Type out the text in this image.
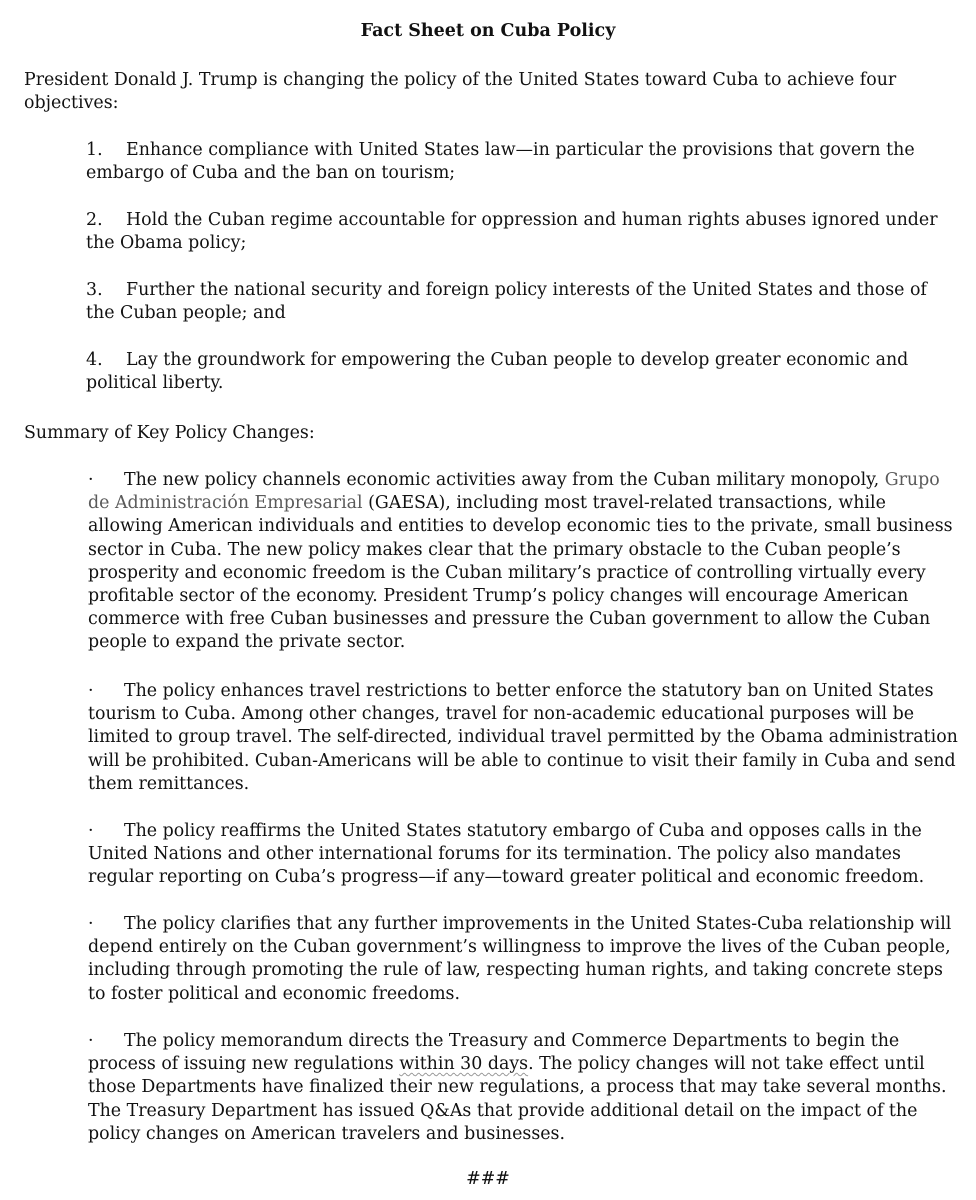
Fact Sheet on Cuba Policy

President Donald J. Trump is changing the policy of the United States toward Cuba to achieve four objectives:

1. Enhance compliance with United States law—in particular the provisions that govern the embargo of Cuba and the ban on tourism;

2. Hold the Cuban regime accountable for oppression and human rights abuses ignored under the Obama policy;

3. Further the national security and foreign policy interests of the United States and those of the Cuban people; and

4. Lay the groundwork for empowering the Cuban people to develop greater economic and political liberty.

Summary of Key Policy Changes:

· The new policy channels economic activities away from the Cuban military monopoly, Grupo de Administración Empresarial (GAESA), including most travel-related transactions, while allowing American individuals and entities to develop economic ties to the private, small business sector in Cuba. The new policy makes clear that the primary obstacle to the Cuban people’s prosperity and economic freedom is the Cuban military’s practice of controlling virtually every profitable sector of the economy. President Trump’s policy changes will encourage American commerce with free Cuban businesses and pressure the Cuban government to allow the Cuban people to expand the private sector.

· The policy enhances travel restrictions to better enforce the statutory ban on United States tourism to Cuba. Among other changes, travel for non-academic educational purposes will be limited to group travel. The self-directed, individual travel permitted by the Obama administration will be prohibited. Cuban-Americans will be able to continue to visit their family in Cuba and send them remittances.

· The policy reaffirms the United States statutory embargo of Cuba and opposes calls in the United Nations and other international forums for its termination. The policy also mandates regular reporting on Cuba’s progress—if any—toward greater political and economic freedom.

· The policy clarifies that any further improvements in the United States-Cuba relationship will depend entirely on the Cuban government’s willingness to improve the lives of the Cuban people, including through promoting the rule of law, respecting human rights, and taking concrete steps to foster political and economic freedoms.

· The policy memorandum directs the Treasury and Commerce Departments to begin the process of issuing new regulations within 30 days. The policy changes will not take effect until those Departments have finalized their new regulations, a process that may take several months. The Treasury Department has issued Q&As that provide additional detail on the impact of the policy changes on American travelers and businesses.

###
